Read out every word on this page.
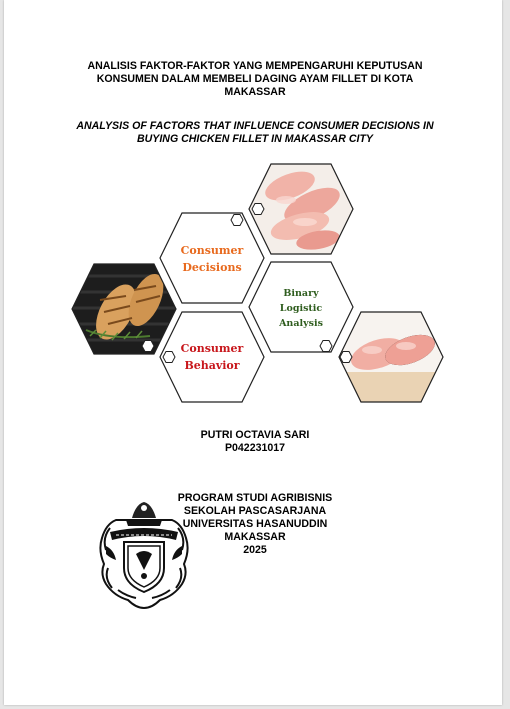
ANALISIS FAKTOR-FAKTOR YANG MEMPENGARUHI KEPUTUSAN
KONSUMEN DALAM MEMBELI DAGING AYAM FILLET DI KOTA
MAKASSAR
ANALYSIS OF FACTORS THAT INFLUENCE CONSUMER DECISIONS IN
BUYING CHICKEN FILLET IN MAKASSAR CITY
Consumer
Decisions
Binary
Logistic
Analysis
Consumer
Behavior
PUTRI OCTAVIA SARI
P042231017
PROGRAM STUDI AGRIBISNIS
SEKOLAH PASCASARJANA
UNIVERSITAS HASANUDDIN
MAKASSAR
2025
